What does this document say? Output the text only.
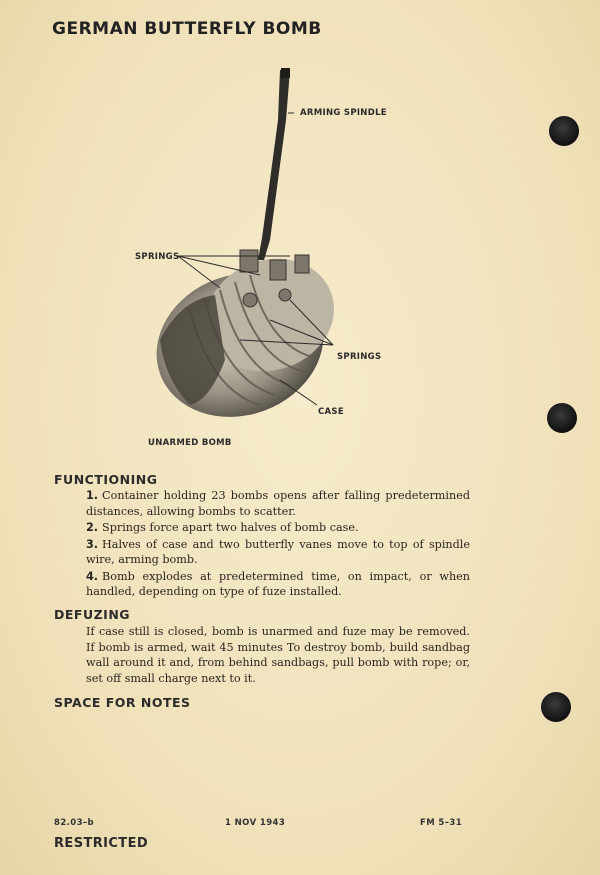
GERMAN BUTTERFLY BOMB
ARMING SPINDLE
SPRINGS
SPRINGS
CASE
UNARMED BOMB
FUNCTIONING
1. Container holding 23 bombs opens after falling predetermined distances, allowing bombs to scatter.
2. Springs force apart two halves of bomb case.
3. Halves of case and two butterfly vanes move to top of spindle wire, arming bomb.
4. Bomb explodes at predetermined time, on impact, or when handled, depending on type of fuze installed.
DEFUZING
If case still is closed, bomb is unarmed and fuze may be removed. If bomb is armed, wait 45 minutes To destroy bomb, build sandbag wall around it and, from behind sandbags, pull bomb with rope; or, set off small charge next to it.
SPACE FOR NOTES
82.03–b	1 NOV 1943	FM 5–31
RESTRICTED
